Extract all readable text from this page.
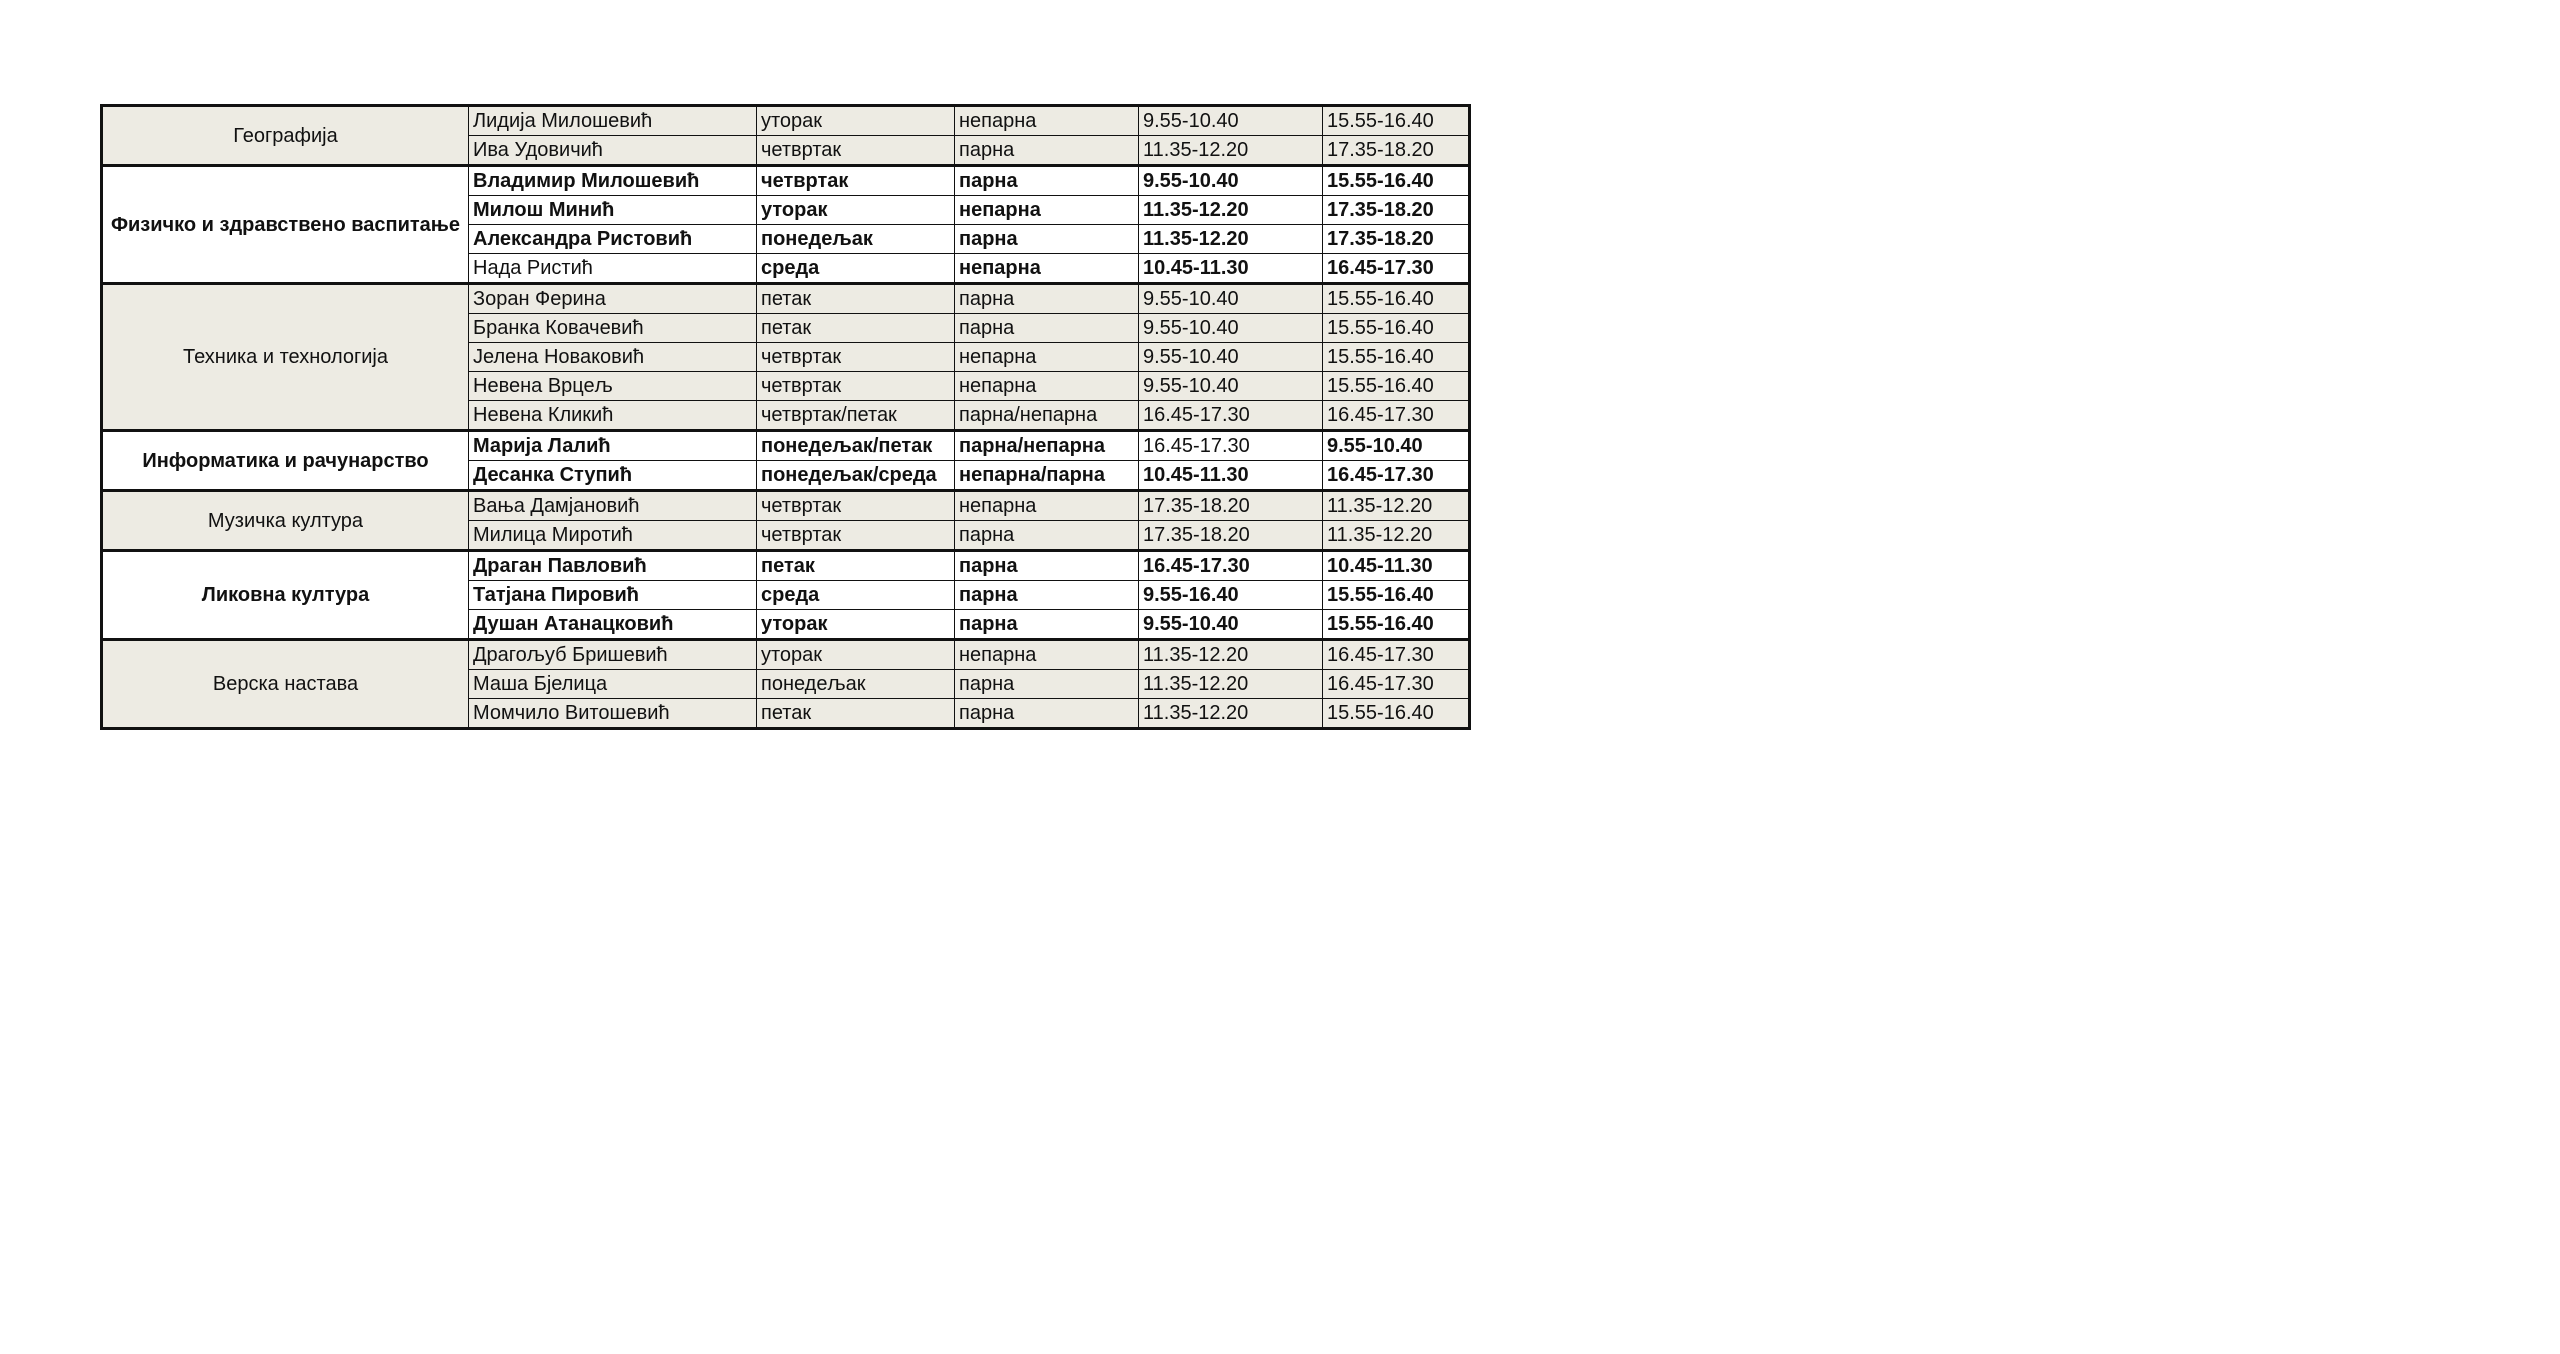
Географија	Лидија Милошевић	уторак	непарна	9.55-10.40	15.55-16.40
	Ива Удовичић	четвртак	парна	11.35-12.20	17.35-18.20
Физичко и здравствено васпитање	Владимир Милошевић	четвртак	парна	9.55-10.40	15.55-16.40
	Милош Минић	уторак	непарна	11.35-12.20	17.35-18.20
	Александра Ристовић	понедељак	парна	11.35-12.20	17.35-18.20
	Нада Ристић	среда	непарна	10.45-11.30	16.45-17.30
Техника и технологија	Зоран Ферина	петак	парна	9.55-10.40	15.55-16.40
	Бранка Ковачевић	петак	парна	9.55-10.40	15.55-16.40
	Јелена Новаковић	четвртак	непарна	9.55-10.40	15.55-16.40
	Невена Врцељ	четвртак	непарна	9.55-10.40	15.55-16.40
	Невена Кликић	четвртак/петак	парна/непарна	16.45-17.30	16.45-17.30
Информатика и рачунарство	Марија Лалић	понедељак/петак	парна/непарна	16.45-17.30	9.55-10.40
	Десанка Ступић	понедељак/среда	непарна/парна	10.45-11.30	16.45-17.30
Музичка култура	Вања Дамјановић	четвртак	непарна	17.35-18.20	11.35-12.20
	Милица Миротић	четвртак	парна	17.35-18.20	11.35-12.20
Ликовна култура	Драган Павловић	петак	парна	16.45-17.30	10.45-11.30
	Татјана Пировић	среда	парна	9.55-16.40	15.55-16.40
	Душан Атанацковић	уторак	парна	9.55-10.40	15.55-16.40
Верска настава	Драгољуб Бришевић	уторак	непарна	11.35-12.20	16.45-17.30
	Маша Бјелица	понедељак	парна	11.35-12.20	16.45-17.30
	Момчило Витошевић	петак	парна	11.35-12.20	15.55-16.40
